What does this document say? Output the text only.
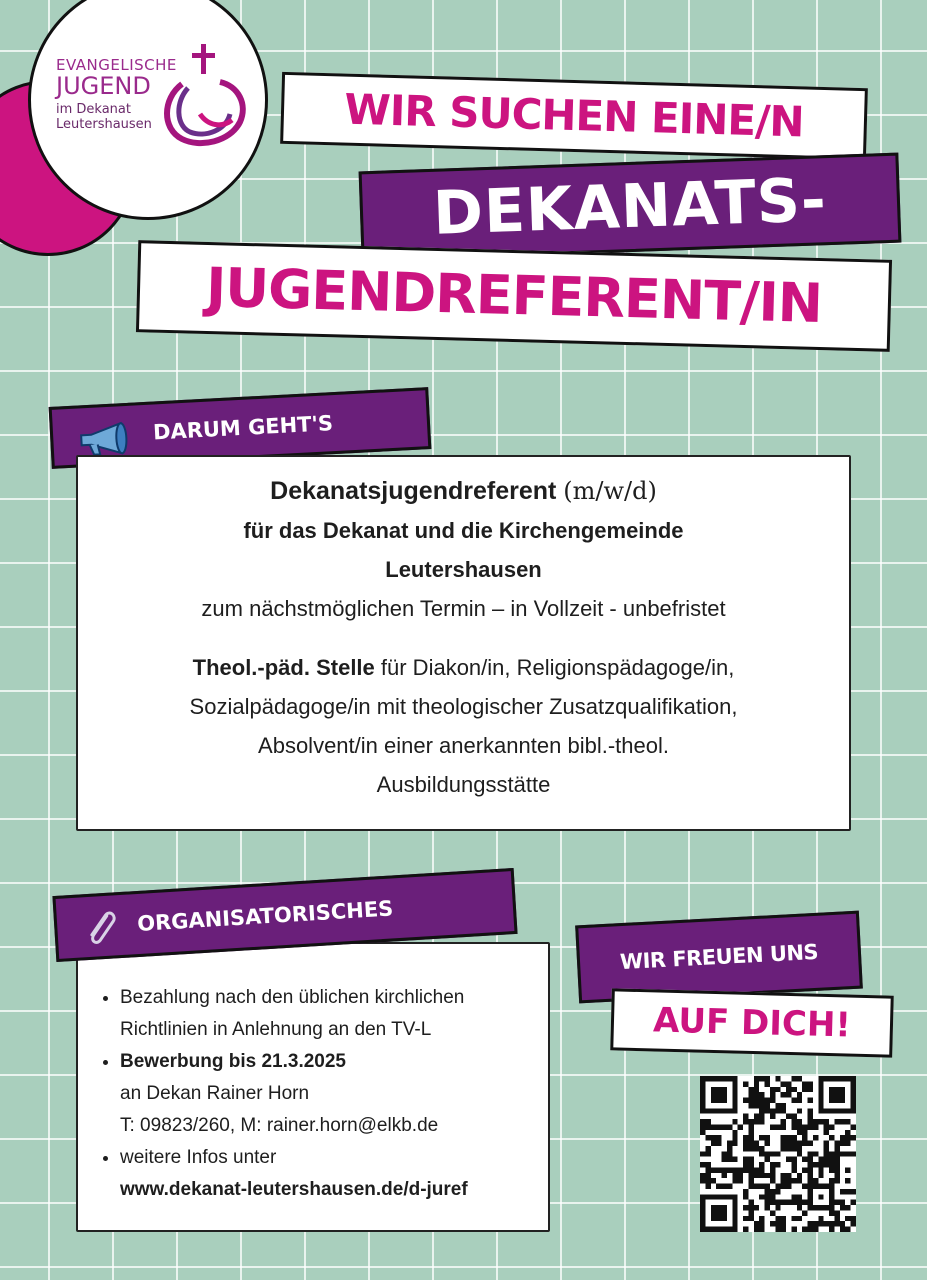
EVANGELISCHE
JUGEND
im Dekanat
Leutershausen	WIR SUCHEN EINE/N
DEKANATS-
JUGENDREFERENT/IN
DARUM GEHT'S
Dekanatsjugendreferent (m/w/d)
für das Dekanat und die Kirchengemeinde
Leutershausen
zum nächstmöglichen Termin – in Vollzeit - unbefristet
Theol.-päd. Stelle für Diakon/in, Religionspädagoge/in,
Sozialpädagoge/in mit theologischer Zusatzqualifikation,
Absolvent/in einer anerkannten bibl.-theol.
Ausbildungsstätte
• Bezahlung nach den üblichen kirchlichen
Richtlinien in Anlehnung an den TV-L
• Bewerbung bis 21.3.2025
an Dekan Rainer Horn
T: 09823/260, M: rainer.horn@elkb.de
• weitere Infos unter
www.dekanat-leutershausen.de/d-juref
ORGANISATORISCHES
WIR FREUEN UNS
AUF DICH!
